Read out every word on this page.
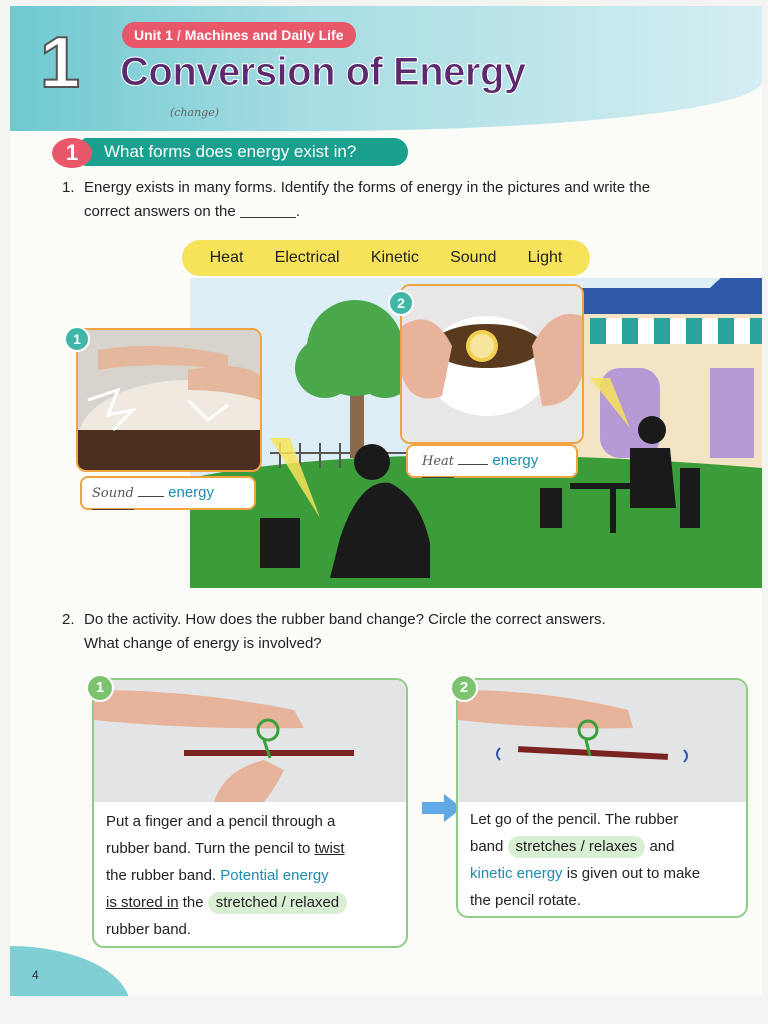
1	Unit 1 / Machines and Daily Life
Conversion of Energy
(change)
What forms does energy exist in?
1
1. Energy exists in many forms. Identify the forms of energy in the pictures and write the
correct answers on the	.
Heat Electrical Kinetic Sound Light
1
Sound energy
2
Heat	energy
2. Do the activity. How does the rubber band change? Circle the correct answers.
What change of energy is involved?
Put a finger and a pencil through a
rubber band. Turn the pencil to twist
the rubber band. Potential energy
is stored in the stretched / relaxed
rubber band.
1
Let go of the pencil. The rubber
band stretches / relaxes and
kinetic energy is given out to make
the pencil rotate.
2
4
